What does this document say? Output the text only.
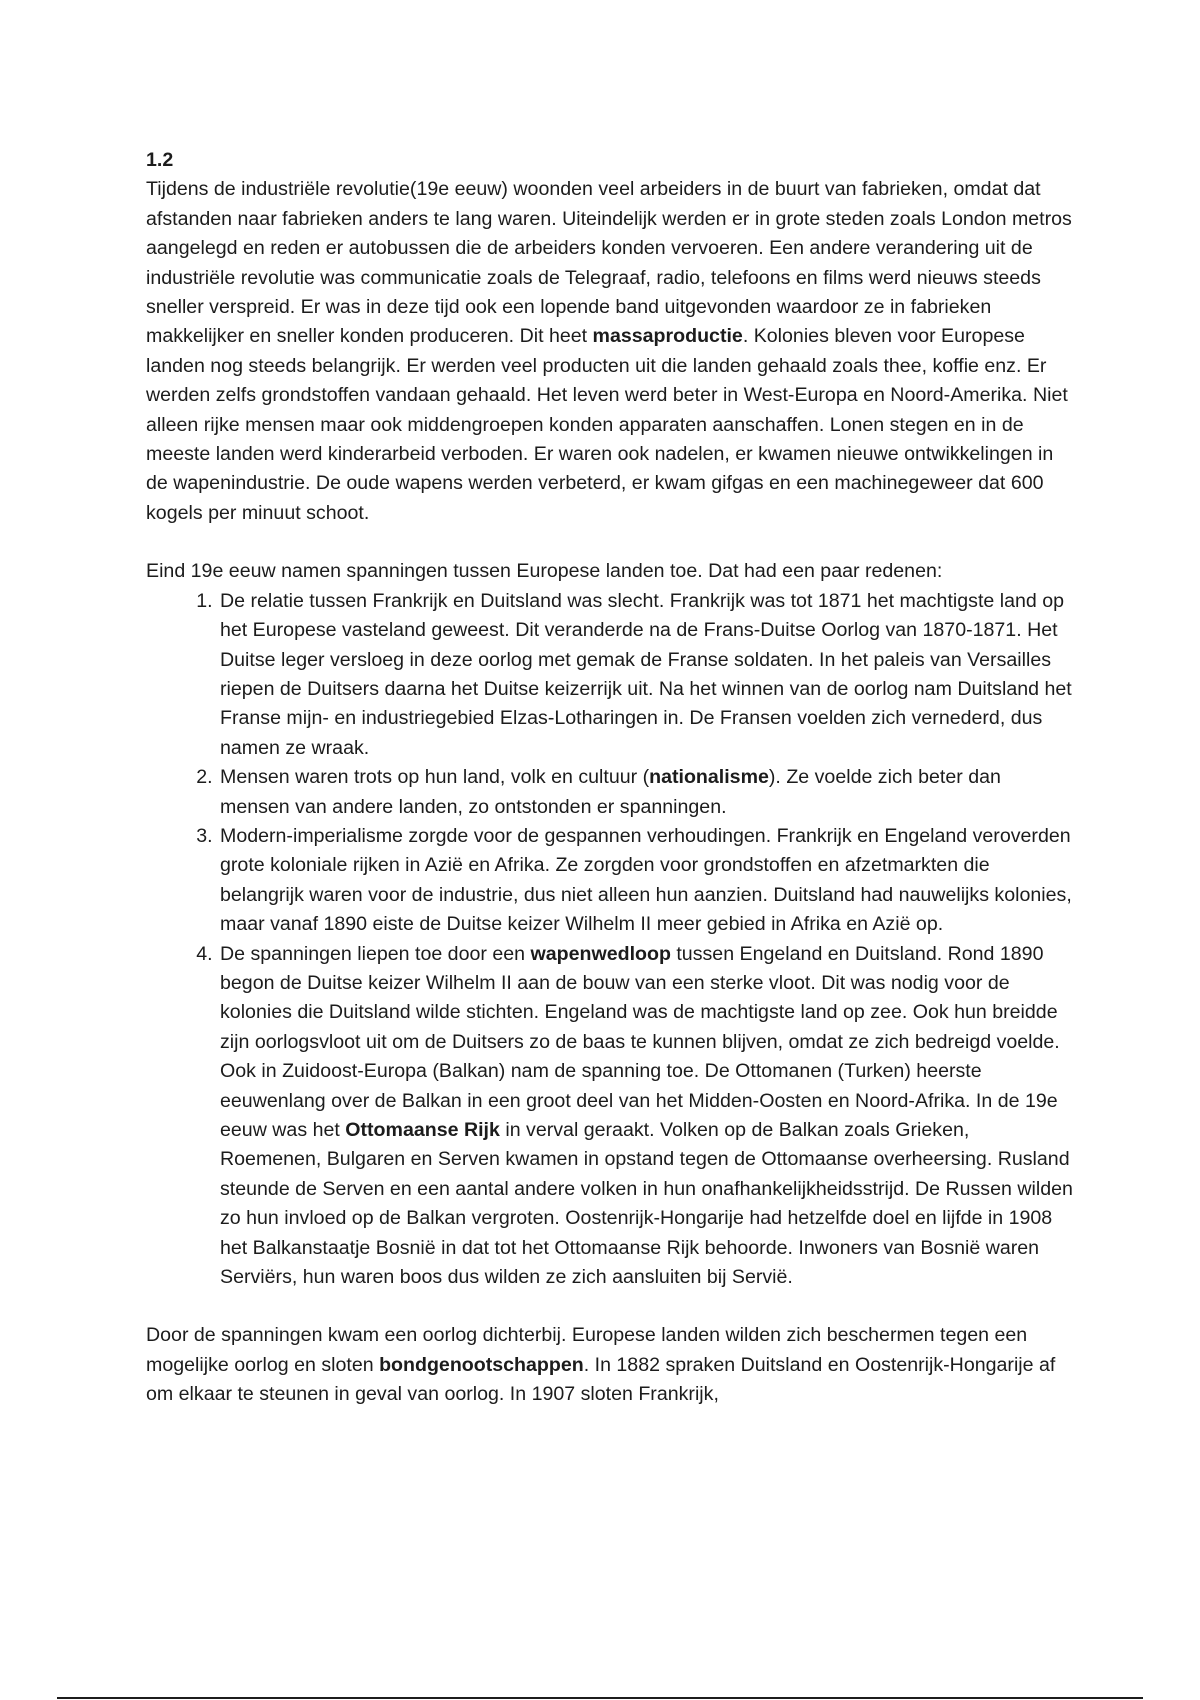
1.2

Tijdens de industriële revolutie(19e eeuw) woonden veel arbeiders in de buurt van fabrieken, omdat dat afstanden naar fabrieken anders te lang waren. Uiteindelijk werden er in grote steden zoals London metros aangelegd en reden er autobussen die de arbeiders konden vervoeren. Een andere verandering uit de industriële revolutie was communicatie zoals de Telegraaf, radio, telefoons en films werd nieuws steeds sneller verspreid. Er was in deze tijd ook een lopende band uitgevonden waardoor ze in fabrieken makkelijker en sneller konden produceren. Dit heet massaproductie. Kolonies bleven voor Europese landen nog steeds belangrijk. Er werden veel producten uit die landen gehaald zoals thee, koffie enz. Er werden zelfs grondstoffen vandaan gehaald. Het leven werd beter in West-Europa en Noord-Amerika. Niet alleen rijke mensen maar ook middengroepen konden apparaten aanschaffen. Lonen stegen en in de meeste landen werd kinderarbeid verboden. Er waren ook nadelen, er kwamen nieuwe ontwikkelingen in de wapenindustrie. De oude wapens werden verbeterd, er kwam gifgas en een machinegeweer dat 600 kogels per minuut schoot.

Eind 19e eeuw namen spanningen tussen Europese landen toe. Dat had een paar redenen:

1. De relatie tussen Frankrijk en Duitsland was slecht. Frankrijk was tot 1871 het machtigste land op het Europese vasteland geweest. Dit veranderde na de Frans-Duitse Oorlog van 1870-1871. Het Duitse leger versloeg in deze oorlog met gemak de Franse soldaten. In het paleis van Versailles riepen de Duitsers daarna het Duitse keizerrijk uit. Na het winnen van de oorlog nam Duitsland het Franse mijn- en industriegebied Elzas-Lotharingen in. De Fransen voelden zich vernederd, dus namen ze wraak.
2. Mensen waren trots op hun land, volk en cultuur (nationalisme). Ze voelde zich beter dan mensen van andere landen, zo ontstonden er spanningen.
3. Modern-imperialisme zorgde voor de gespannen verhoudingen. Frankrijk en Engeland veroverden grote koloniale rijken in Azië en Afrika. Ze zorgden voor grondstoffen en afzetmarkten die belangrijk waren voor de industrie, dus niet alleen hun aanzien. Duitsland had nauwelijks kolonies, maar vanaf 1890 eiste de Duitse keizer Wilhelm II meer gebied in Afrika en Azië op.
4. De spanningen liepen toe door een wapenwedloop tussen Engeland en Duitsland. Rond 1890 begon de Duitse keizer Wilhelm II aan de bouw van een sterke vloot. Dit was nodig voor de kolonies die Duitsland wilde stichten. Engeland was de machtigste land op zee. Ook hun breidde zijn oorlogsvloot uit om de Duitsers zo de baas te kunnen blijven, omdat ze zich bedreigd voelde. Ook in Zuidoost-Europa (Balkan) nam de spanning toe. De Ottomanen (Turken) heerste eeuwenlang over de Balkan in een groot deel van het Midden-Oosten en Noord-Afrika. In de 19e eeuw was het Ottomaanse Rijk in verval geraakt. Volken op de Balkan zoals Grieken, Roemenen, Bulgaren en Serven kwamen in opstand tegen de Ottomaanse overheersing. Rusland steunde de Serven en een aantal andere volken in hun onafhankelijkheidsstrijd. De Russen wilden zo hun invloed op de Balkan vergroten. Oostenrijk-Hongarije had hetzelfde doel en lijfde in 1908 het Balkanstaatje Bosnië in dat tot het Ottomaanse Rijk behoorde. Inwoners van Bosnië waren Serviërs, hun waren boos dus wilden ze zich aansluiten bij Servië.

Door de spanningen kwam een oorlog dichterbij. Europese landen wilden zich beschermen tegen een mogelijke oorlog en sloten bondgenootschappen. In 1882 spraken Duitsland en Oostenrijk-Hongarije af om elkaar te steunen in geval van oorlog. In 1907 sloten Frankrijk,
